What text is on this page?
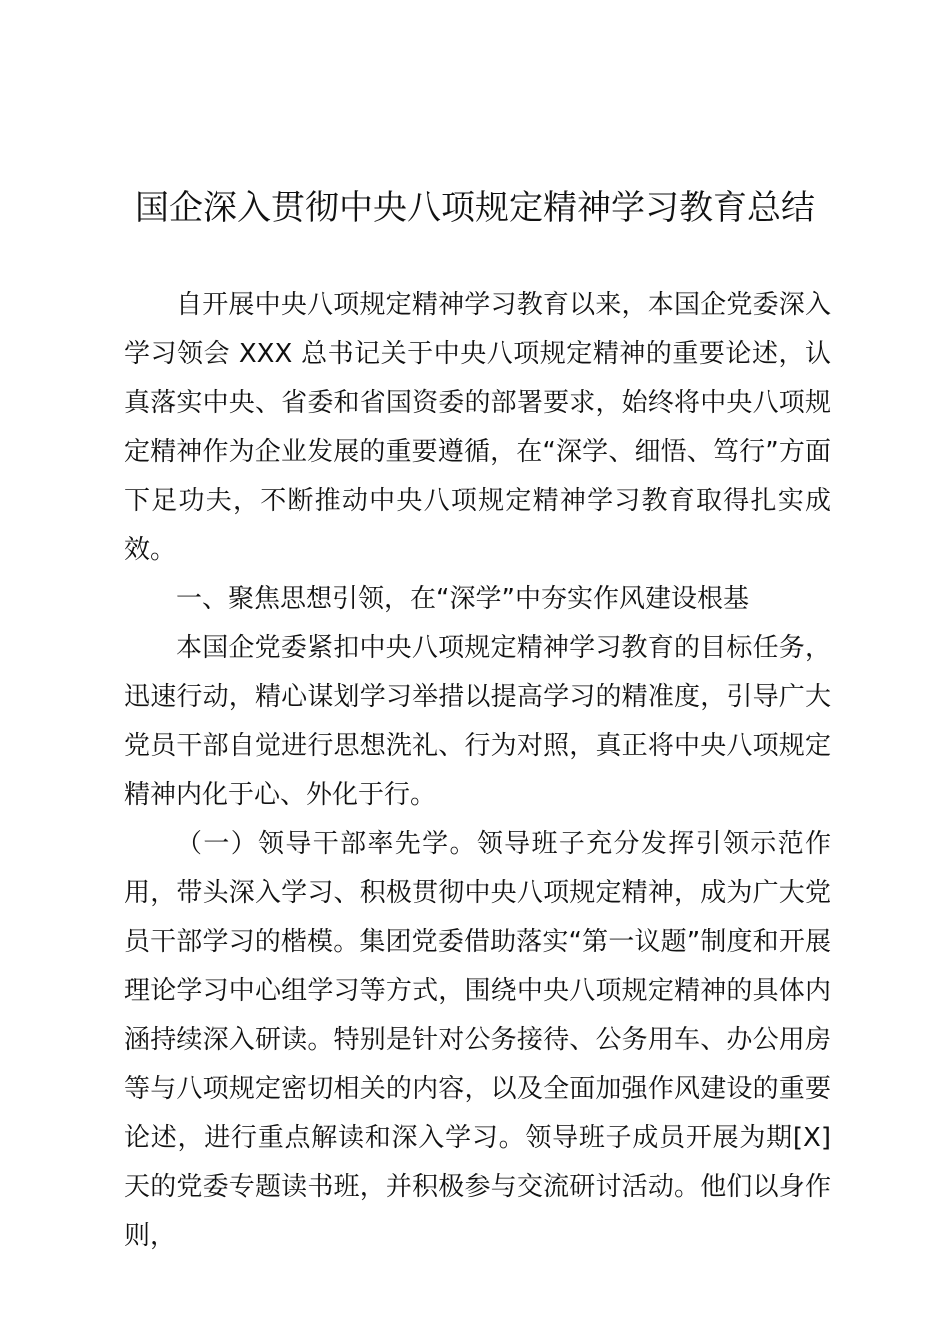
国企深入贯彻中央八项规定精神学习教育总结

自开展中央八项规定精神学习教育以来，本国企党委深入学习领会 XXX 总书记关于中央八项规定精神的重要论述，认真落实中央、省委和省国资委的部署要求，始终将中央八项规定精神作为企业发展的重要遵循，在“深学、细悟、笃行”方面下足功夫，不断推动中央八项规定精神学习教育取得扎实成效。

一、聚焦思想引领，在“深学”中夯实作风建设根基

本国企党委紧扣中央八项规定精神学习教育的目标任务，迅速行动，精心谋划学习举措以提高学习的精准度，引导广大党员干部自觉进行思想洗礼、行为对照，真正将中央八项规定精神内化于心、外化于行。

（一）领导干部率先学。领导班子充分发挥引领示范作用，带头深入学习、积极贯彻中央八项规定精神，成为广大党员干部学习的楷模。集团党委借助落实“第一议题”制度和开展理论学习中心组学习等方式，围绕中央八项规定精神的具体内涵持续深入研读。特别是针对公务接待、公务用车、办公用房等与八项规定密切相关的内容，以及全面加强作风建设的重要论述，进行重点解读和深入学习。领导班子成员开展为期[X]天的党委专题读书班，并积极参与交流研讨活动。他们以身作则，
